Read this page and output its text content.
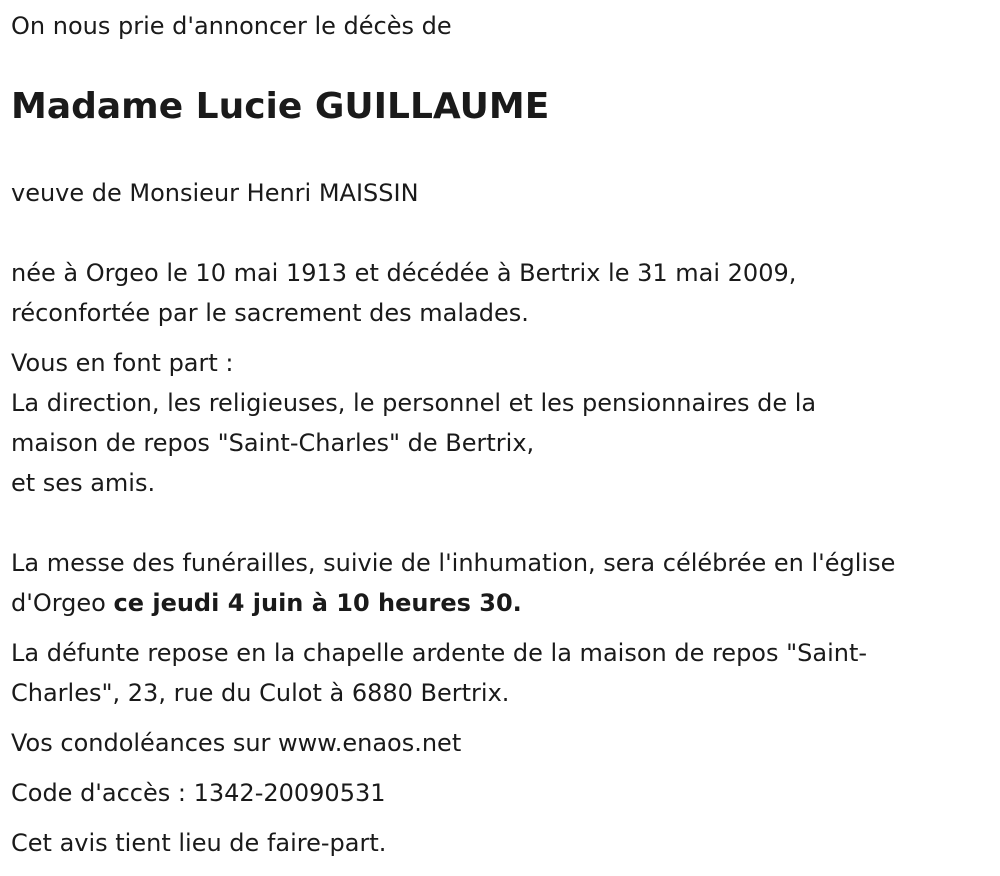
On nous prie d'annoncer le décès de

Madame Lucie GUILLAUME

veuve de Monsieur Henri MAISSIN

née à Orgeo le 10 mai 1913 et décédée à Bertrix le 31 mai 2009,

réconfortée par le sacrement des malades.

Vous en font part :

La direction, les religieuses, le personnel et les pensionnaires de la

maison de repos "Saint-Charles" de Bertrix,

et ses amis.

La messe des funérailles, suivie de l'inhumation, sera célébrée en l'église

d'Orgeo ce jeudi 4 juin à 10 heures 30.

La défunte repose en la chapelle ardente de la maison de repos "Saint-

Charles", 23, rue du Culot à 6880 Bertrix.

Vos condoléances sur www.enaos.net

Code d'accès : 1342-20090531

Cet avis tient lieu de faire-part.
